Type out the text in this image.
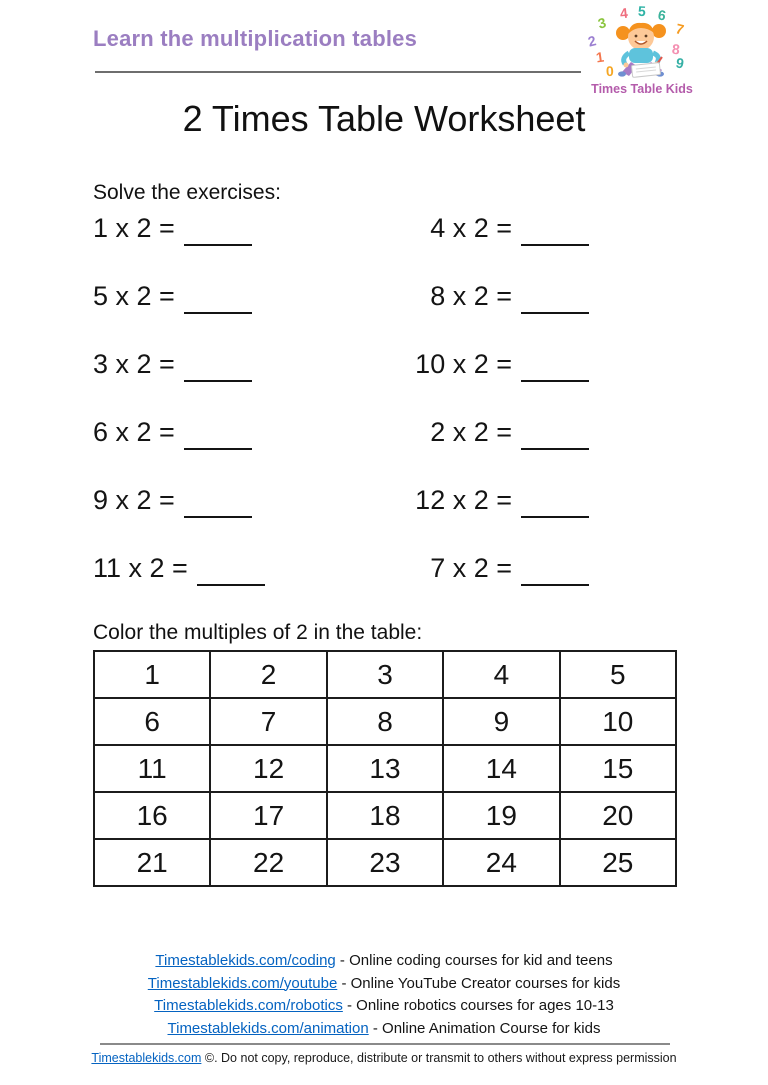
Learn the multiplication tables
3
4 5 6
7
2	8
1	9
0
Times Table Kids
2 Times Table Worksheet
Solve the exercises:
1 x 2 =	4 x 2 =
5 x 2 =	8 x 2 =
3 x 2 =	10 x 2 =
6 x 2 =	2 x 2 =
9 x 2 =	12 x 2 =
11 x 2 =	7 x 2 =
Color the multiples of 2 in the table:
1	2	3	4	5
6	7	8	9	10
11	12	13	14	15
16	17	18	19	20
21	22	23	24	25
Timestablekids.com/coding - Online coding courses for kid and teens
Timestablekids.com/youtube - Online YouTube Creator courses for kids
Timestablekids.com/robotics - Online robotics courses for ages 10-13
Timestablekids.com/animation - Online Animation Course for kids
Timestablekids.com ©. Do not copy, reproduce, distribute or transmit to others without express permission
